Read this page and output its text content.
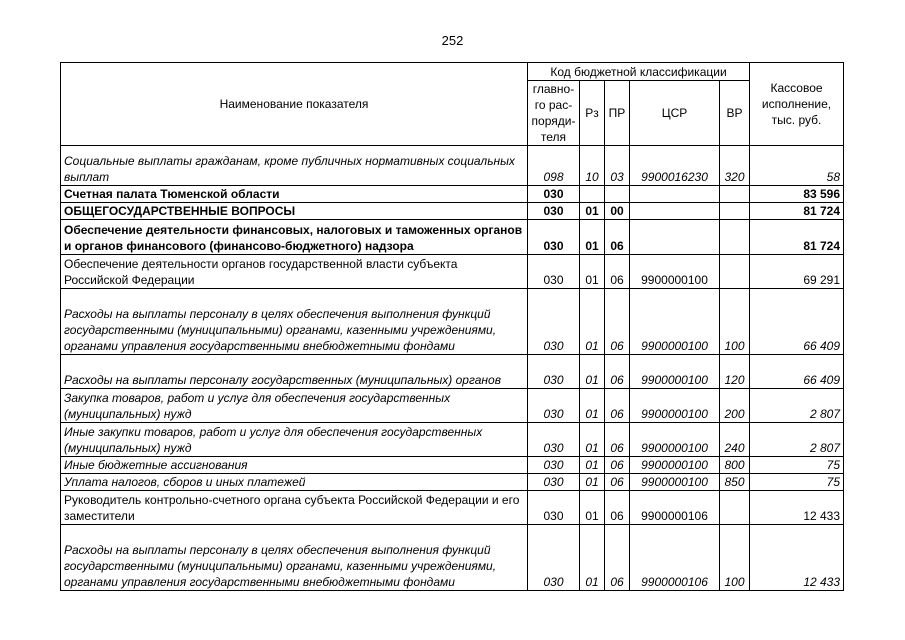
252
Наименование показателя	Код бюджетной классификации					Кассовое исполнение, тыс. руб.
	главно-го рас-поряди-теля	Рз	ПР	ЦСР	ВР	
Социальные выплаты гражданам, кроме публичных нормативных социальных выплат	098	10	03	9900016230	320	58
Счетная палата Тюменской области	030					83 596
ОБЩЕГОСУДАРСТВЕННЫЕ ВОПРОСЫ	030	01	00			81 724
Обеспечение деятельности финансовых, налоговых и таможенных органов и органов финансового (финансово-бюджетного) надзора	030	01	06			81 724
Обеспечение деятельности органов государственной власти субъекта Российской Федерации	030	01	06	9900000100		69 291
Расходы на выплаты персоналу в целях обеспечения выполнения функций государственными (муниципальными) органами, казенными учреждениями, органами управления государственными внебюджетными фондами	030	01	06	9900000100	100	66 409
Расходы на выплаты персоналу государственных (муниципальных) органов	030	01	06	9900000100	120	66 409
Закупка товаров, работ и услуг для обеспечения государственных (муниципальных) нужд	030	01	06	9900000100	200	2 807
Иные закупки товаров, работ и услуг для обеспечения государственных (муниципальных) нужд	030	01	06	9900000100	240	2 807
Иные бюджетные ассигнования	030	01	06	9900000100	800	75
Уплата налогов, сборов и иных платежей	030	01	06	9900000100	850	75
Руководитель контрольно-счетного органа субъекта Российской Федерации и его заместители	030	01	06	9900000106		12 433
Расходы на выплаты персоналу в целях обеспечения выполнения функций государственными (муниципальными) органами, казенными учреждениями, органами управления государственными внебюджетными фондами	030	01	06	9900000106	100	12 433
